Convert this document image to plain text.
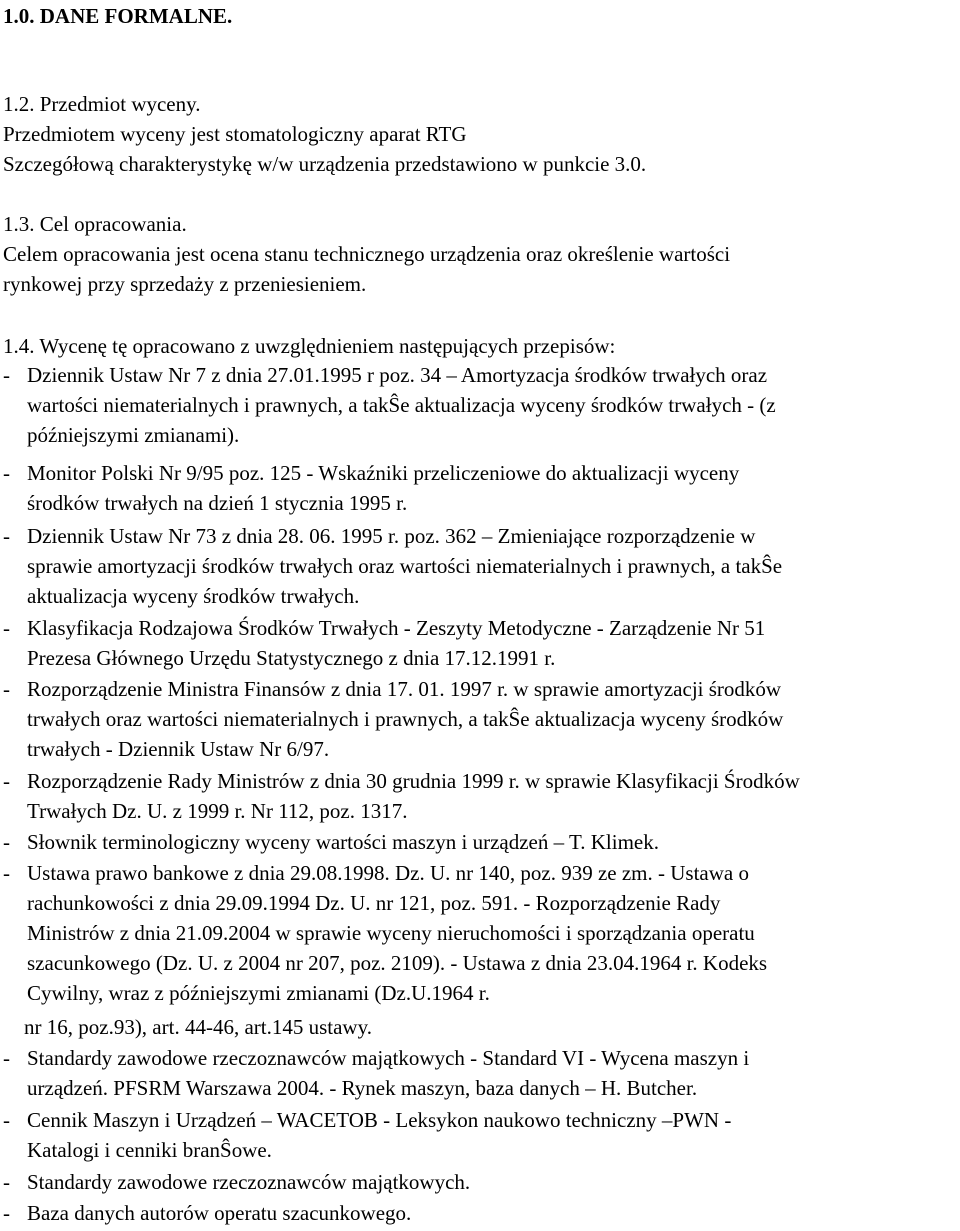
1.0. DANE FORMALNE.
1.2. Przedmiot wyceny.
Przedmiotem wyceny jest stomatologiczny aparat RTG
Szczegółową charakterystykę w/w urządzenia przedstawiono w punkcie 3.0.
1.3. Cel opracowania.
Celem opracowania jest ocena stanu technicznego urządzenia oraz określenie wartości
rynkowej przy sprzedaży z przeniesieniem.
1.4. Wycenę tę opracowano z uwzględnieniem następujących przepisów:
- Dziennik Ustaw Nr 7 z dnia 27.01.1995 r poz. 34 – Amortyzacja środków trwałych oraz
wartości niematerialnych i prawnych, a takŜe aktualizacja wyceny środków trwałych - (z
późniejszymi zmianami).
- Monitor Polski Nr 9/95 poz. 125 - Wskaźniki przeliczeniowe do aktualizacji wyceny
środków trwałych na dzień 1 stycznia 1995 r.
- Dziennik Ustaw Nr 73 z dnia 28. 06. 1995 r. poz. 362 – Zmieniające rozporządzenie w
sprawie amortyzacji środków trwałych oraz wartości niematerialnych i prawnych, a takŜe
aktualizacja wyceny środków trwałych.
- Klasyfikacja Rodzajowa Środków Trwałych - Zeszyty Metodyczne - Zarządzenie Nr 51
Prezesa Głównego Urzędu Statystycznego z dnia 17.12.1991 r.
- Rozporządzenie Ministra Finansów z dnia 17. 01. 1997 r. w sprawie amortyzacji środków
trwałych oraz wartości niematerialnych i prawnych, a takŜe aktualizacja wyceny środków
trwałych - Dziennik Ustaw Nr 6/97.
- Rozporządzenie Rady Ministrów z dnia 30 grudnia 1999 r. w sprawie Klasyfikacji Środków
Trwałych Dz. U. z 1999 r. Nr 112, poz. 1317.
- Słownik terminologiczny wyceny wartości maszyn i urządzeń – T. Klimek.
- Ustawa prawo bankowe z dnia 29.08.1998. Dz. U. nr 140, poz. 939 ze zm. - Ustawa o
rachunkowości z dnia 29.09.1994 Dz. U. nr 121, poz. 591. - Rozporządzenie Rady
Ministrów z dnia 21.09.2004 w sprawie wyceny nieruchomości i sporządzania operatu
szacunkowego (Dz. U. z 2004 nr 207, poz. 2109). - Ustawa z dnia 23.04.1964 r. Kodeks
Cywilny, wraz z późniejszymi zmianami (Dz.U.1964 r.
nr 16, poz.93), art. 44-46, art.145 ustawy.
- Standardy zawodowe rzeczoznawców majątkowych - Standard VI - Wycena maszyn i
urządzeń. PFSRM Warszawa 2004. - Rynek maszyn, baza danych – H. Butcher.
- Cennik Maszyn i Urządzeń – WACETOB - Leksykon naukowo techniczny –PWN -
Katalogi i cenniki branŜowe.
- Standardy zawodowe rzeczoznawców majątkowych.
- Baza danych autorów operatu szacunkowego.
